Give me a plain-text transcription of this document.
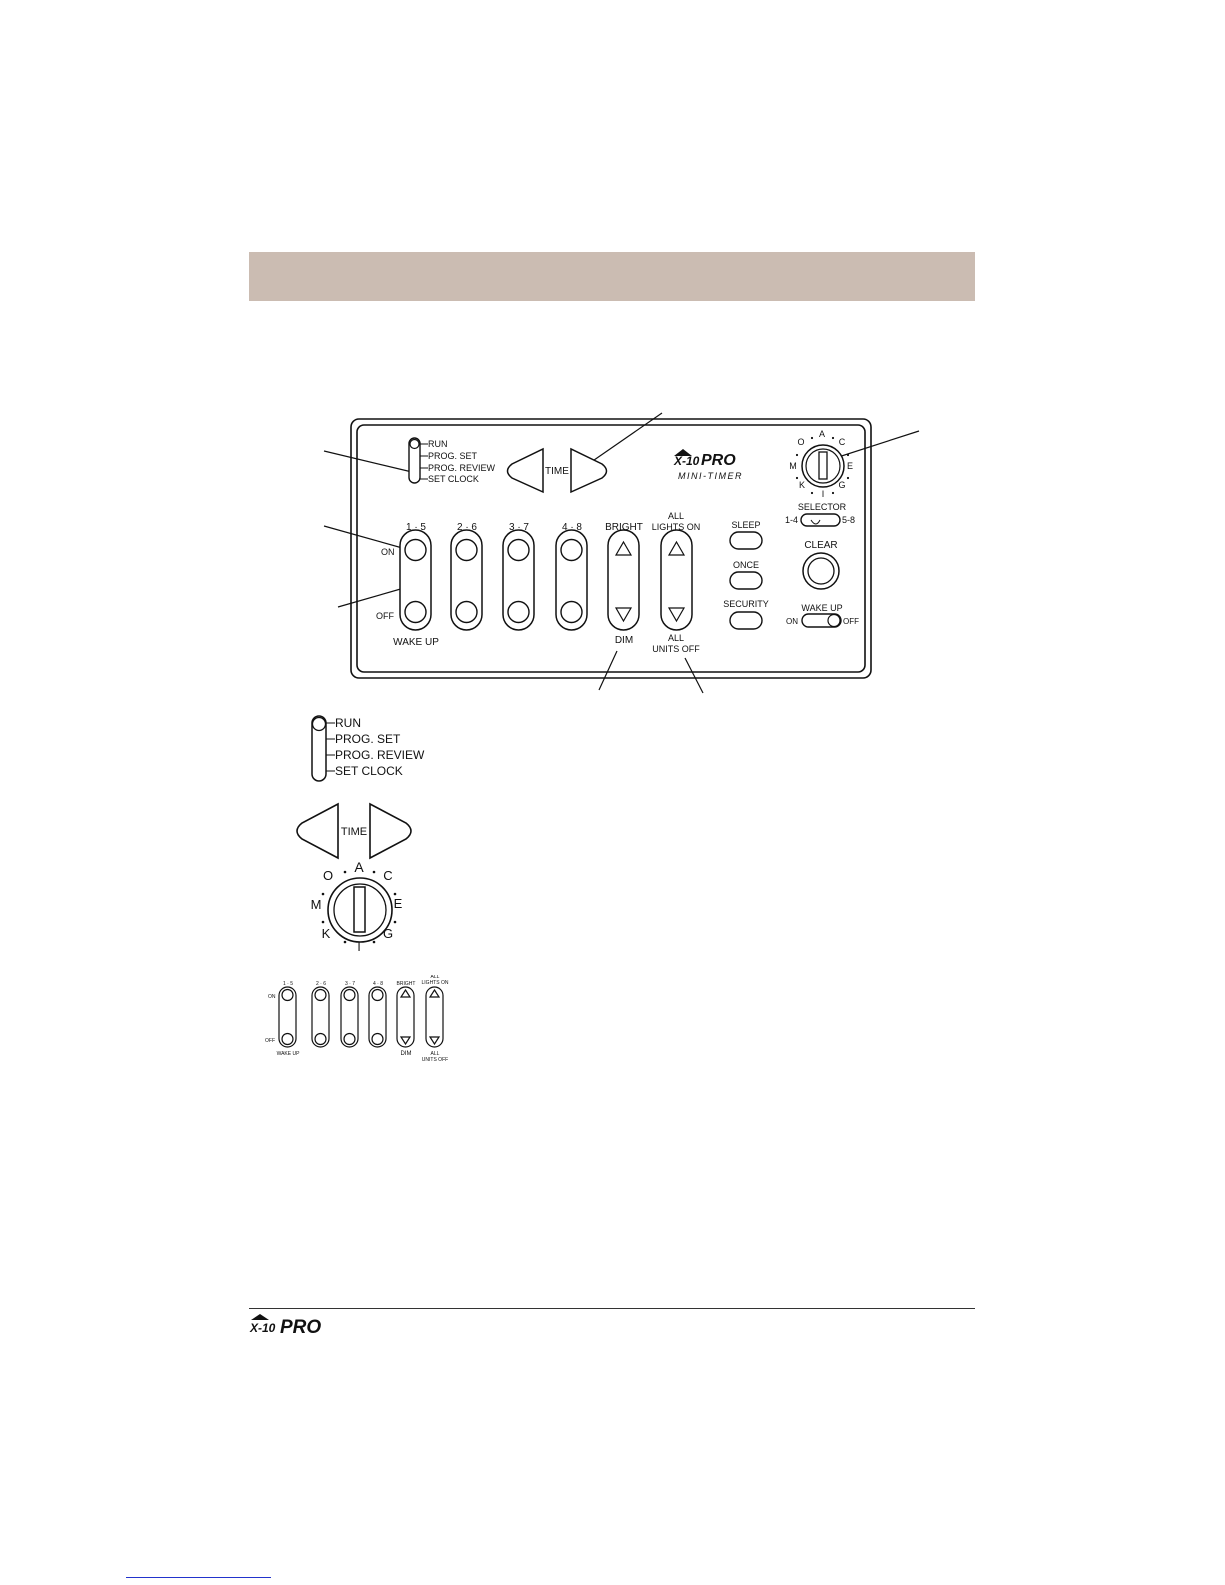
RUN
PROG. SET
PROG. REVIEW
SET CLOCK
TIME
X-10 PRO
MINI-TIMER
A
C
E
G
I
K
M
O
1 · 5	2 · 6	3 · 7	4 · 8
ON
OFF
WAKE UP
BRIGHT
DIM
ALL
LIGHTS ON
ALL
UNITS OFF
SLEEP
ONCE
SECURITY
SELECTOR
1-4	5-8
CLEAR
WAKE UP
ON	OFF
RUN
PROG. SET
PROG. REVIEW
SET CLOCK
TIME
A
C
E
G
I
K
M
O
1 · 5	2 · 6	3 · 7	4 · 8	BRIGHT
ALL
LIGHTS ON
ON
OFF
WAKE UP	DIM	ALL
UNITS OFF
X-10 PRO
